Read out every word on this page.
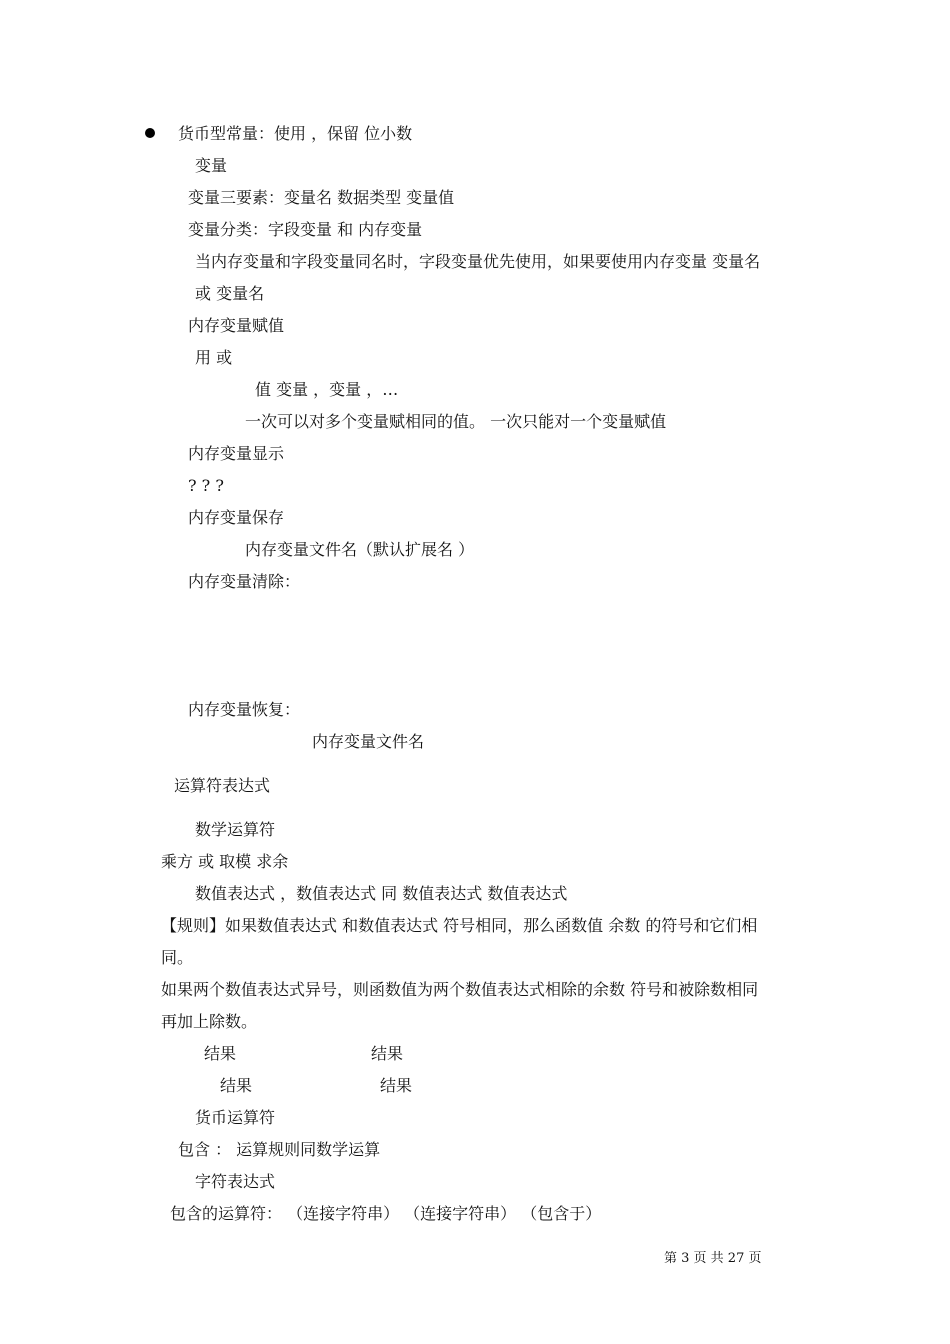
货币型常量：使用 ，保留 位小数
变量
变量三要素：变量名 数据类型 变量值
变量分类：字段变量 和 内存变量
当内存变量和字段变量同名时，字段变量优先使用，如果要使用内存变量 变量名
或 变量名
内存变量赋值
用 或
值 变量 ，变量 ，…
一次可以对多个变量赋相同的值。 一次只能对一个变量赋值
内存变量显示
? ? ?
内存变量保存
内存变量文件名（默认扩展名 ）
内存变量清除：
内存变量恢复：
内存变量文件名
运算符表达式
数学运算符
乘方 或 取模 求余
数值表达式 ，数值表达式 同 数值表达式 数值表达式
【规则】如果数值表达式 和数值表达式 符号相同，那么函数值 余数 的符号和它们相
同。
如果两个数值表达式异号，则函数值为两个数值表达式相除的余数 符号和被除数相同
再加上除数。
结果	结果
结果	结果
货币运算符
包含 ： 运算规则同数学运算
字符表达式
包含的运算符： （连接字符串） （连接字符串） （包含于）
第 3 页 共 27 页
